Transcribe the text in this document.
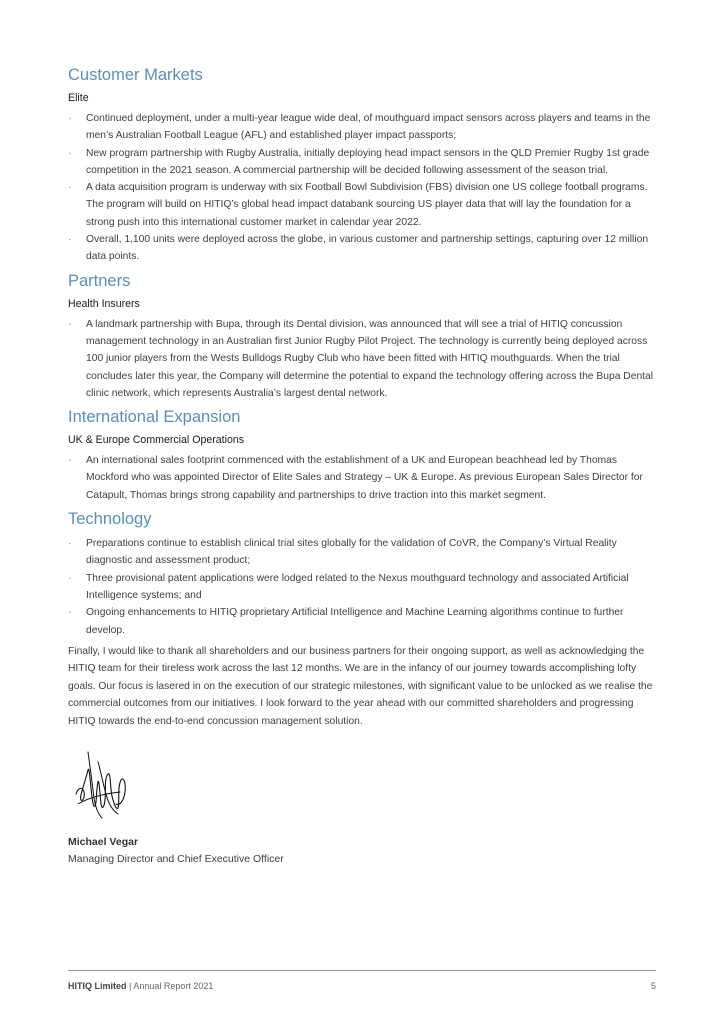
Customer Markets
Elite
· Continued deployment, under a multi-year league wide deal, of mouthguard impact sensors across players and teams in the men’s Australian Football League (AFL) and established player impact passports;
· New program partnership with Rugby Australia, initially deploying head impact sensors in the QLD Premier Rugby 1st grade competition in the 2021 season. A commercial partnership will be decided following assessment of the season trial.
· A data acquisition program is underway with six Football Bowl Subdivision (FBS) division one US college football programs. The program will build on HITIQ’s global head impact databank sourcing US player data that will lay the foundation for a strong push into this international customer market in calendar year 2022.
· Overall, 1,100 units were deployed across the globe, in various customer and partnership settings, capturing over 12 million data points.
Partners
Health Insurers
· A landmark partnership with Bupa, through its Dental division, was announced that will see a trial of HITIQ concussion management technology in an Australian first Junior Rugby Pilot Project. The technology is currently being deployed across 100 junior players from the Wests Bulldogs Rugby Club who have been fitted with HITIQ mouthguards. When the trial concludes later this year, the Company will determine the potential to expand the technology offering across the Bupa Dental clinic network, which represents Australia’s largest dental network.
International Expansion
UK & Europe Commercial Operations
· An international sales footprint commenced with the establishment of a UK and European beachhead led by Thomas Mockford who was appointed Director of Elite Sales and Strategy – UK & Europe. As previous European Sales Director for Catapult, Thomas brings strong capability and partnerships to drive traction into this market segment.
Technology
· Preparations continue to establish clinical trial sites globally for the validation of CoVR, the Company’s Virtual Reality diagnostic and assessment product;
· Three provisional patent applications were lodged related to the Nexus mouthguard technology and associated Artificial Intelligence systems; and
· Ongoing enhancements to HITIQ proprietary Artificial Intelligence and Machine Learning algorithms continue to further develop.

Finally, I would like to thank all shareholders and our business partners for their ongoing support, as well as acknowledging the HITIQ team for their tireless work across the last 12 months. We are in the infancy of our journey towards accomplishing lofty goals. Our focus is lasered in on the execution of our strategic milestones, with significant value to be unlocked as we realise the commercial outcomes from our initiatives. I look forward to the year ahead with our committed shareholders and progressing HITIQ towards the end-to-end concussion management solution.

Michael Vegar
Managing Director and Chief Executive Officer
HITIQ Limited | Annual Report 2021	5
